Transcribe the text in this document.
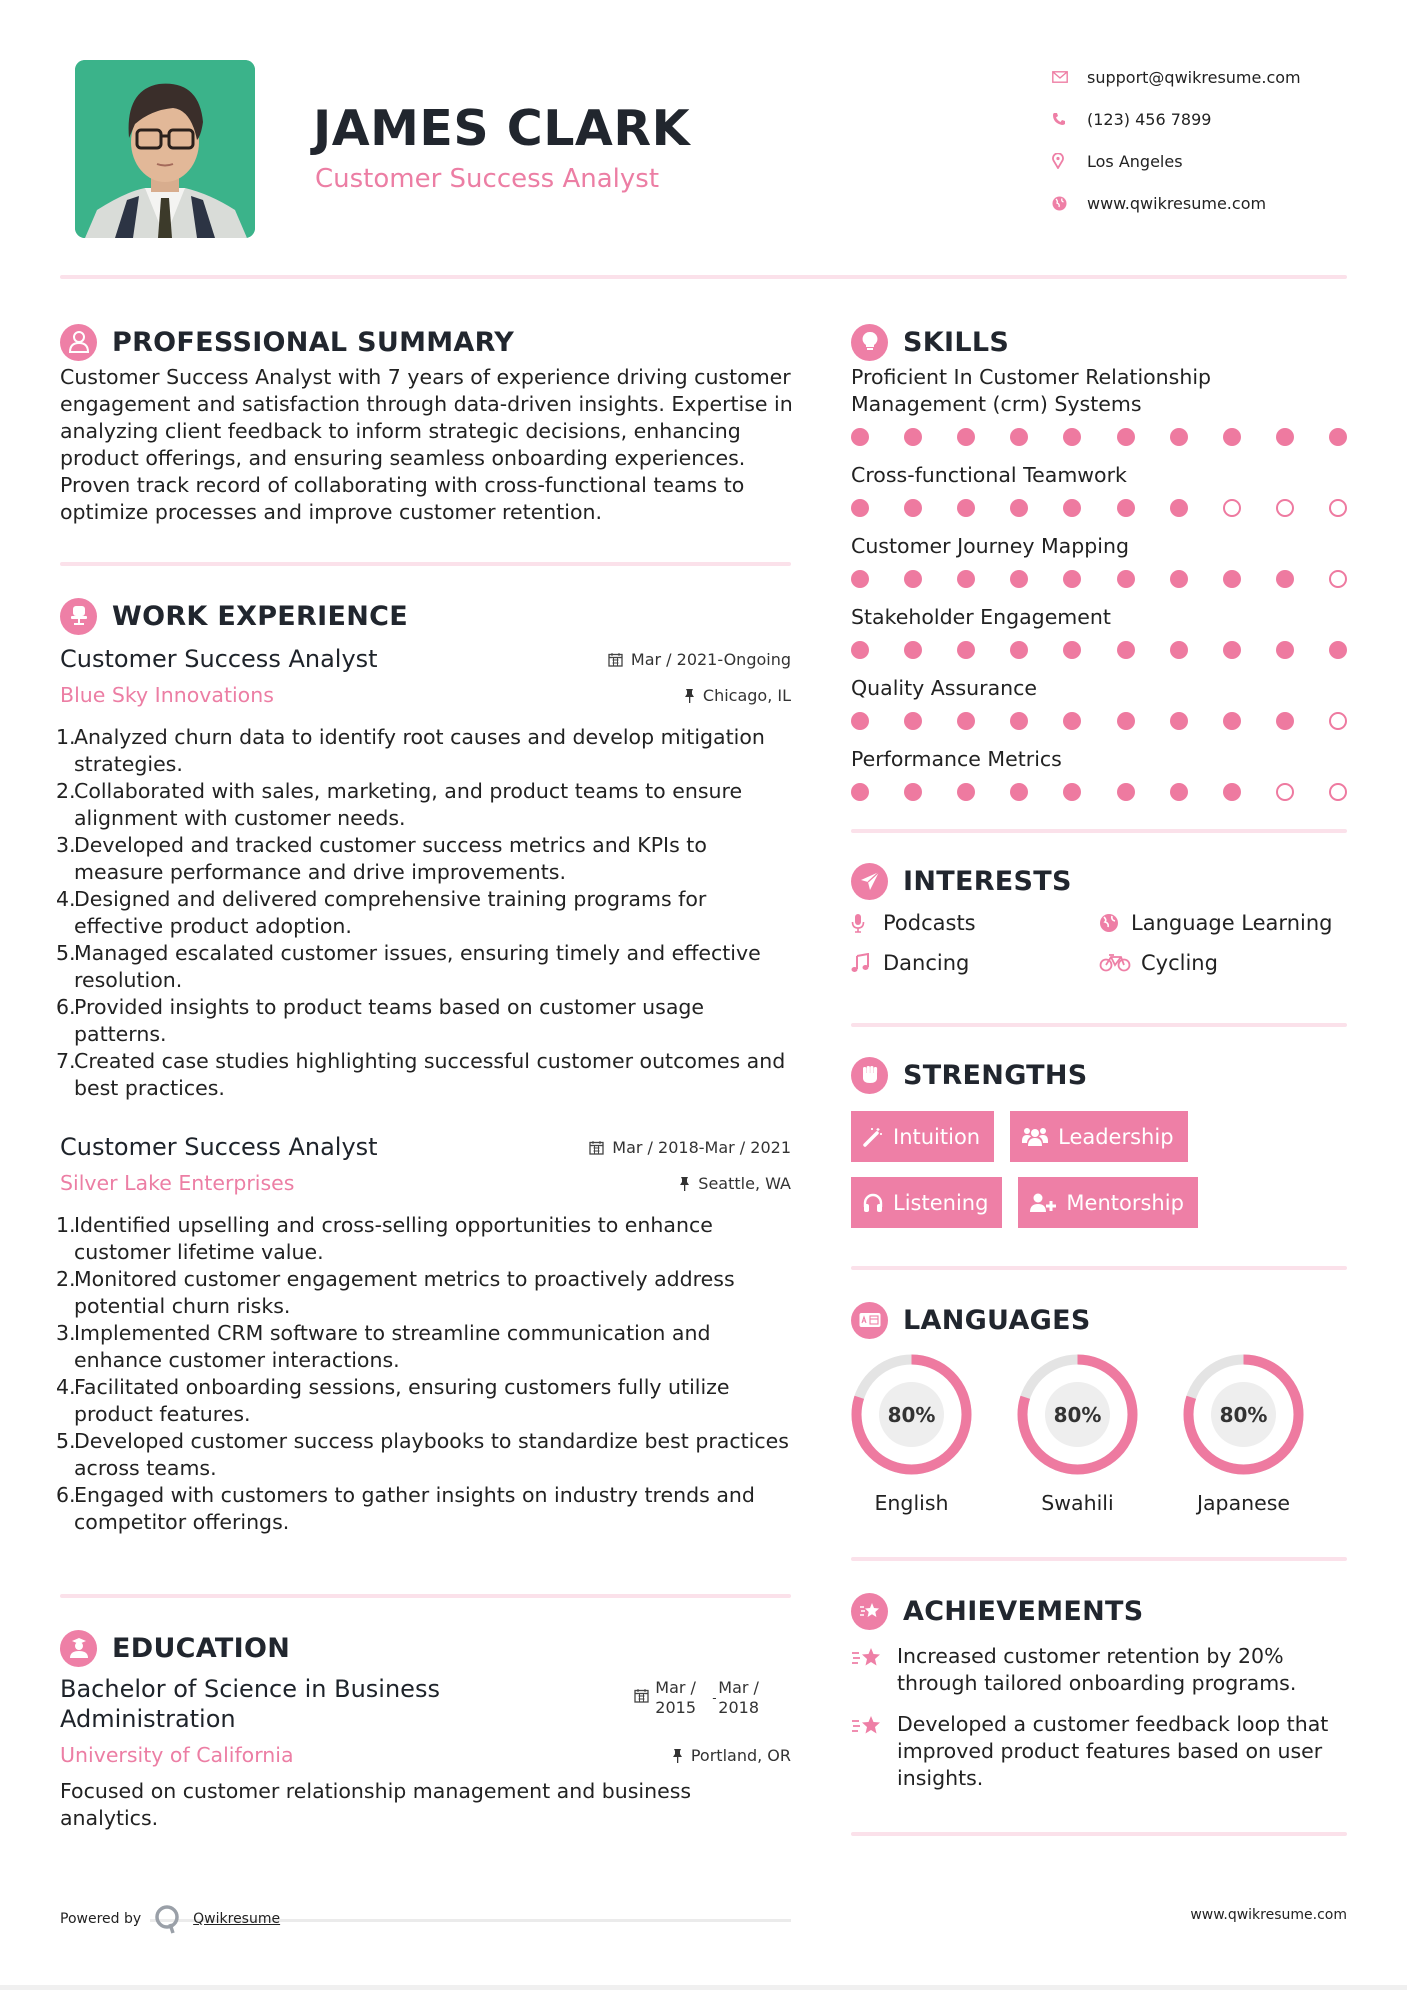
JAMES CLARK
Customer Success Analyst
support@qwikresume.com
(123) 456 7899
Los Angeles
www.qwikresume.com
PROFESSIONAL SUMMARY

Customer Success Analyst with 7 years of experience driving customer engagement and satisfaction through data-driven insights. Expertise in analyzing client feedback to inform strategic decisions, enhancing product offerings, and ensuring seamless onboarding experiences. Proven track record of collaborating with cross-functional teams to optimize processes and improve customer retention.

WORK EXPERIENCE
Customer Success Analyst	Mar / 2021-Ongoing
Blue Sky Innovations	Chicago, IL
1.
Analyzed churn data to identify root causes and develop mitigation strategies.
2.
Collaborated with sales, marketing, and product teams to ensure alignment with customer needs.
3.
Developed and tracked customer success metrics and KPIs to measure performance and drive improvements.
4.
Designed and delivered comprehensive training programs for effective product adoption.
5.
Managed escalated customer issues, ensuring timely and effective resolution.
6.
Provided insights to product teams based on customer usage patterns.
7.
Created case studies highlighting successful customer outcomes and best practices.
Customer Success Analyst	Mar / 2018-Mar / 2021
Silver Lake Enterprises	Seattle, WA
1.
Identified upselling and cross-selling opportunities to enhance customer lifetime value.
2.
Monitored customer engagement metrics to proactively address potential churn risks.
3.
Implemented CRM software to streamline communication and enhance customer interactions.
4.
Facilitated onboarding sessions, ensuring customers fully utilize product features.
5.
Developed customer success playbooks to standardize best practices across teams.
6.
Engaged with customers to gather insights on industry trends and competitor offerings.
EDUCATION
Bachelor of Science in Business Administration
Mar /
2015	-
Mar /
2018
University of California	Portland, OR

Focused on customer relationship management and business analytics.

SKILLS
Proficient In Customer Relationship Management (crm) Systems
Cross-functional Teamwork
Customer Journey Mapping
Stakeholder Engagement
Quality Assurance
Performance Metrics
INTERESTS
Podcasts	Language Learning
Dancing	Cycling
STRENGTHS
Intuition	Leadership
Listening	Mentorship
LANGUAGES
80%
English
80%
Swahili
80%
Japanese
ACHIEVEMENTS
Increased customer retention by 20% through tailored onboarding programs.
Developed a customer feedback loop that improved product features based on user insights.
Powered by	Qwikresume	www.qwikresume.com
